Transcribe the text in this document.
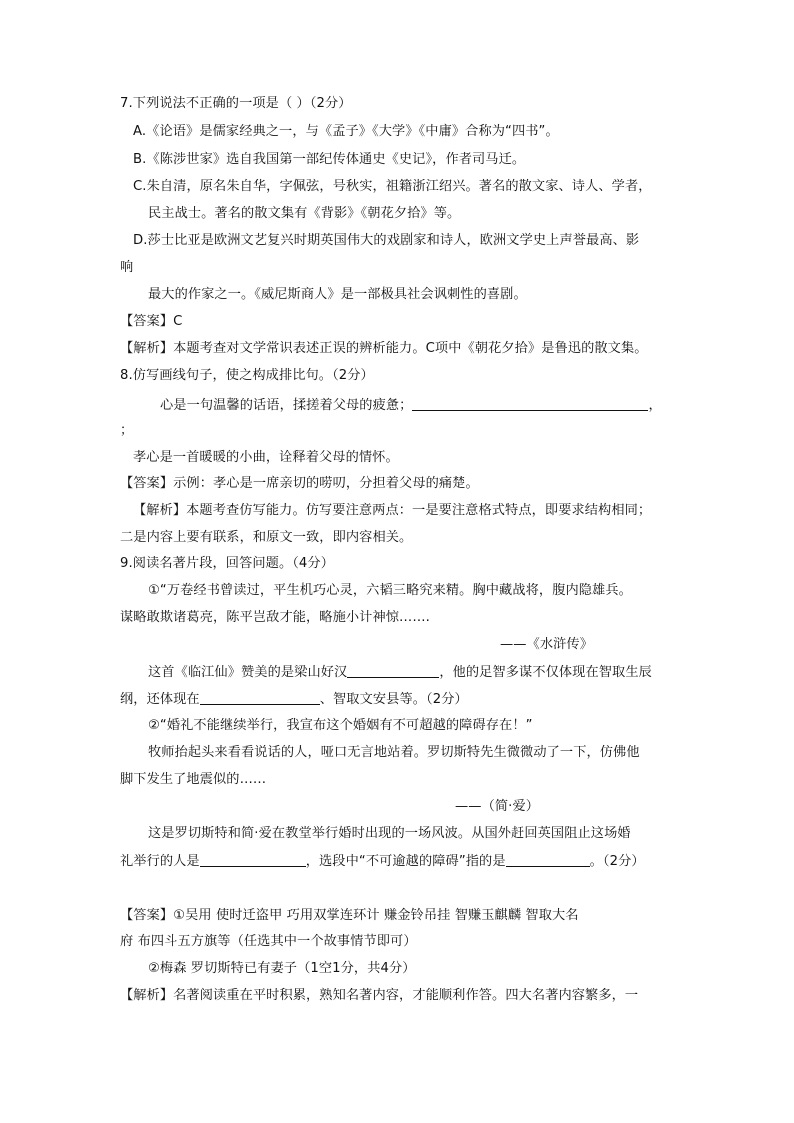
7.下列说法不正确的一项是（ ）（2分）
A.《论语》是儒家经典之一，与《孟子》《大学》《中庸》合称为“四书”。
B.《陈涉世家》选自我国第一部纪传体通史《史记》，作者司马迁。
C.朱自清，原名朱自华，字佩弦，号秋实，祖籍浙江绍兴。著名的散文家、诗人、学者，
民主战士。著名的散文集有《背影》《朝花夕拾》等。
D.莎士比亚是欧洲文艺复兴时期英国伟大的戏剧家和诗人，欧洲文学史上声誉最高、影
响
最大的作家之一。《威尼斯商人》是一部极具社会讽刺性的喜剧。
【答案】C
【解析】本题考查对文学常识表述正误的辨析能力。C项中《朝花夕拾》是鲁迅的散文集。
8.仿写画线句子，使之构成排比句。（2分）
心是一句温馨的话语，揉搓着父母的疲惫；	，
；
孝心是一首暖暖的小曲，诠释着父母的情怀。
【答案】示例：孝心是一席亲切的唠叨，分担着父母的痛楚。
【解析】本题考查仿写能力。仿写要注意两点：一是要注意格式特点，即要求结构相同；
二是内容上要有联系，和原文一致，即内容相关。
9.阅读名著片段，回答问题。（4分）
①“万卷经书曾读过，平生机巧心灵，六韬三略究来精。胸中藏战将，腹内隐雄兵。
谋略敢欺诸葛亮，陈平岂敌才能，略施小计神惊…….
——《水浒传》
这首《临江仙》赞美的是梁山好汉	，他的足智多谋不仅体现在智取生辰
纲，还体现在	、智取文安县等。（2分）
②“婚礼不能继续举行，我宣布这个婚姻有不可超越的障碍存在！”
牧师抬起头来看看说话的人，哑口无言地站着。罗切斯特先生微微动了一下，仿佛他
脚下发生了地震似的……
——（简·爱）
这是罗切斯特和简·爱在教堂举行婚时出现的一场风波。从国外赶回英国阻止这场婚
礼举行的人是	，选段中“不可逾越的障碍”指的是	。（2分）
【答案】①吴用 使时迁盗甲 巧用双掌连环计 赚金铃吊挂 智赚玉麒麟 智取大名
府 布四斗五方旗等（任选其中一个故事情节即可）
②梅森 罗切斯特已有妻子（1空1分，共4分）
【解析】名著阅读重在平时积累，熟知名著内容，才能顺利作答。四大名著内容繁多，一
